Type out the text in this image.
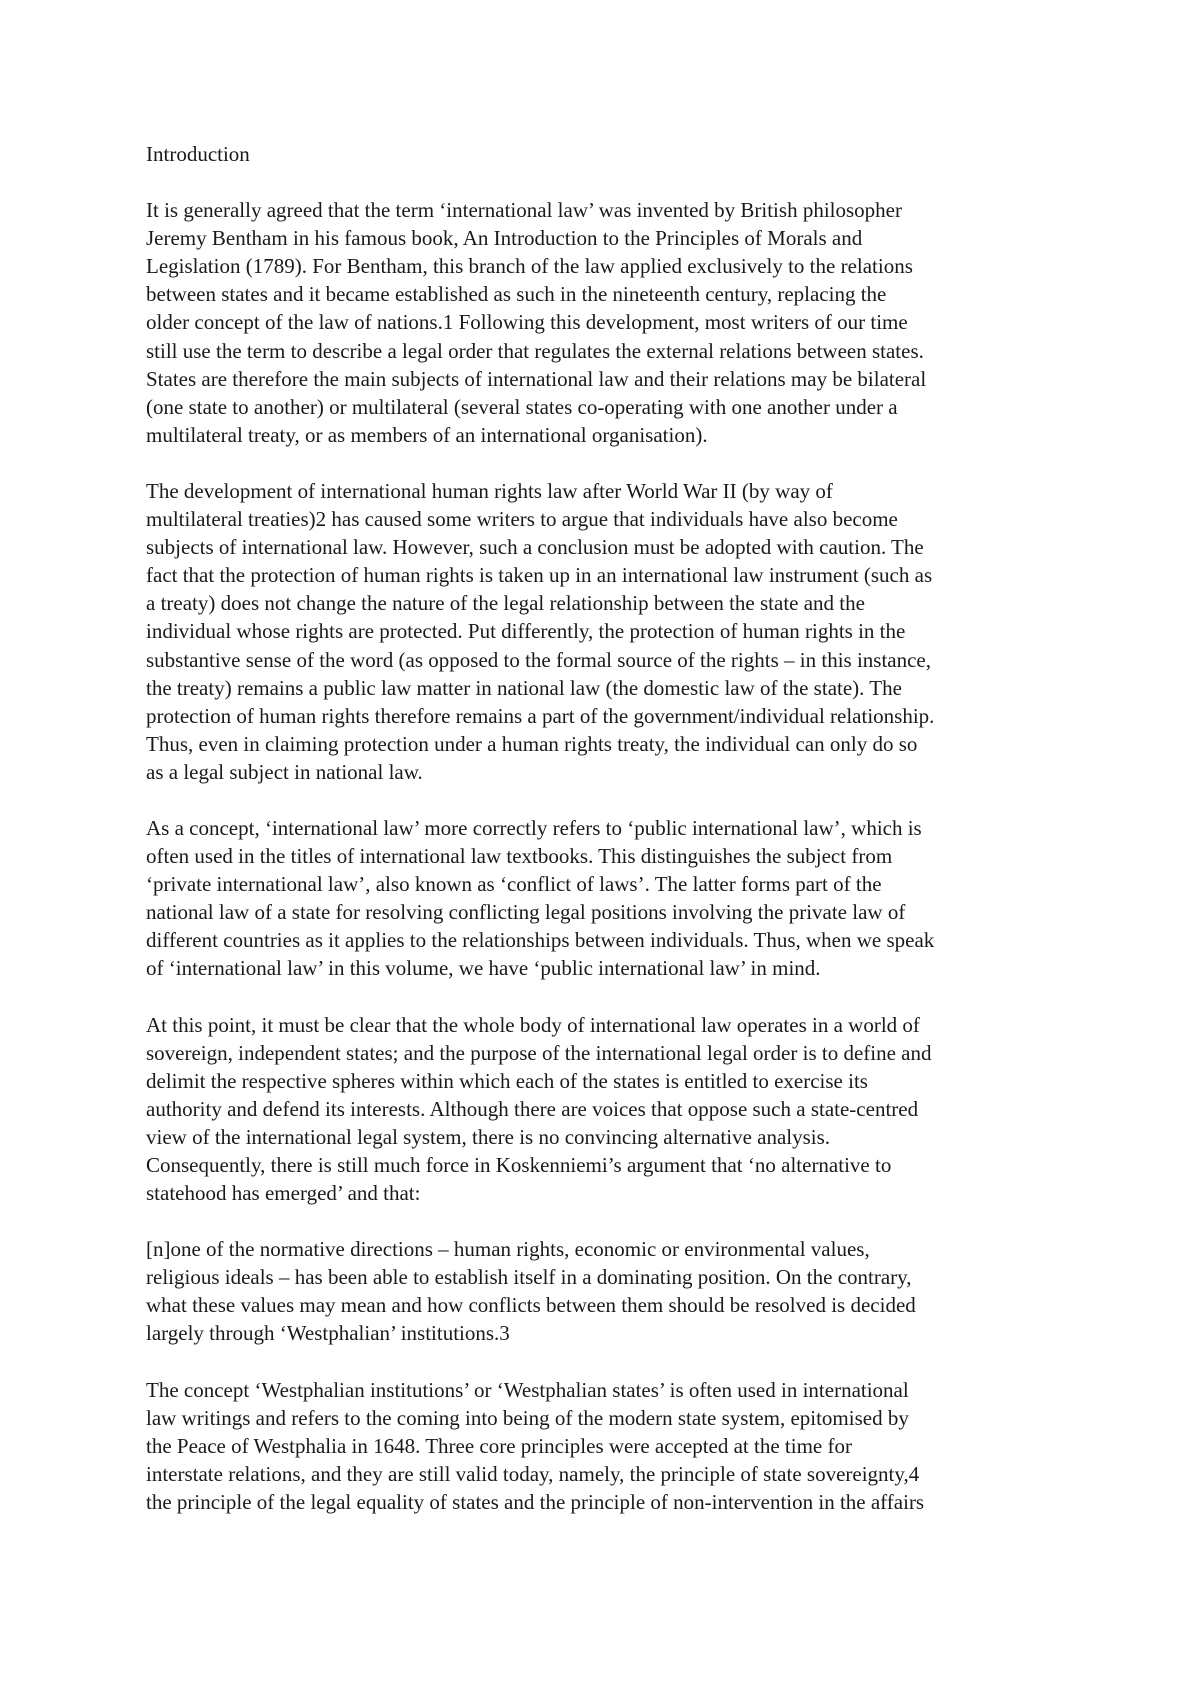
Introduction
It is generally agreed that the term ‘international law’ was invented by British philosopher
Jeremy Bentham in his famous book, An Introduction to the Principles of Morals and
Legislation (1789). For Bentham, this branch of the law applied exclusively to the relations
between states and it became established as such in the nineteenth century, replacing the
older concept of the law of nations.1 Following this development, most writers of our time
still use the term to describe a legal order that regulates the external relations between states.
States are therefore the main subjects of international law and their relations may be bilateral
(one state to another) or multilateral (several states co-operating with one another under a
multilateral treaty, or as members of an international organisation).
The development of international human rights law after World War II (by way of
multilateral treaties)2 has caused some writers to argue that individuals have also become
subjects of international law. However, such a conclusion must be adopted with caution. The
fact that the protection of human rights is taken up in an international law instrument (such as
a treaty) does not change the nature of the legal relationship between the state and the
individual whose rights are protected. Put differently, the protection of human rights in the
substantive sense of the word (as opposed to the formal source of the rights – in this instance,
the treaty) remains a public law matter in national law (the domestic law of the state). The
protection of human rights therefore remains a part of the government/individual relationship.
Thus, even in claiming protection under a human rights treaty, the individual can only do so
as a legal subject in national law.
As a concept, ‘international law’ more correctly refers to ‘public international law’, which is
often used in the titles of international law textbooks. This distinguishes the subject from
‘private international law’, also known as ‘conflict of laws’. The latter forms part of the
national law of a state for resolving conflicting legal positions involving the private law of
different countries as it applies to the relationships between individuals. Thus, when we speak
of ‘international law’ in this volume, we have ‘public international law’ in mind.
At this point, it must be clear that the whole body of international law operates in a world of
sovereign, independent states; and the purpose of the international legal order is to define and
delimit the respective spheres within which each of the states is entitled to exercise its
authority and defend its interests. Although there are voices that oppose such a state-centred
view of the international legal system, there is no convincing alternative analysis.
Consequently, there is still much force in Koskenniemi’s argument that ‘no alternative to
statehood has emerged’ and that:
[n]one of the normative directions – human rights, economic or environmental values,
religious ideals – has been able to establish itself in a dominating position. On the contrary,
what these values may mean and how conflicts between them should be resolved is decided
largely through ‘Westphalian’ institutions.3
The concept ‘Westphalian institutions’ or ‘Westphalian states’ is often used in international
law writings and refers to the coming into being of the modern state system, epitomised by
the Peace of Westphalia in 1648. Three core principles were accepted at the time for
interstate relations, and they are still valid today, namely, the principle of state sovereignty,4
the principle of the legal equality of states and the principle of non-intervention in the affairs
